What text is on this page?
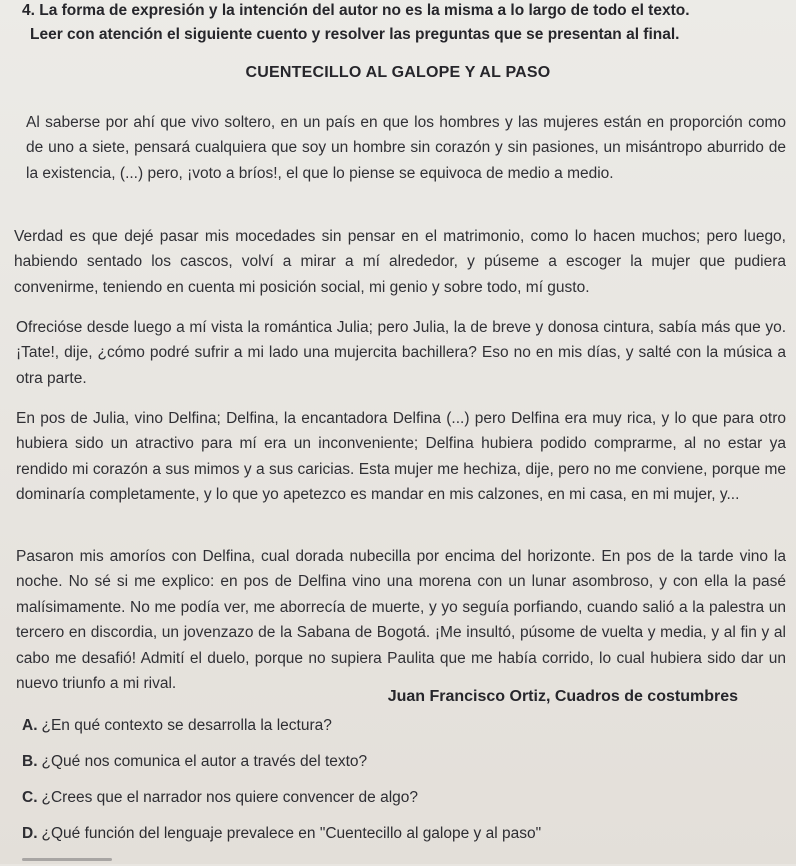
4. La forma de expresión y la intención del autor no es la misma a lo largo de todo el texto.
Leer con atención el siguiente cuento y resolver las preguntas que se presentan al final.
CUENTECILLO AL GALOPE Y AL PASO

Al saberse por ahí que vivo soltero, en un país en que los hombres y las mujeres están en proporción como de uno a siete, pensará cualquiera que soy un hombre sin corazón y sin pasiones, un misántropo aburrido de la existencia, (...) pero, ¡voto a bríos!, el que lo piense se equivoca de medio a medio.

Verdad es que dejé pasar mis mocedades sin pensar en el matrimonio, como lo hacen muchos; pero luego, habiendo sentado los cascos, volví a mirar a mí alrededor, y púseme a escoger la mujer que pudiera convenirme, teniendo en cuenta mi posición social, mi genio y sobre todo, mí gusto.

Ofrecióse desde luego a mí vista la romántica Julia; pero Julia, la de breve y donosa cintura, sabía más que yo. ¡Tate!, dije, ¿cómo podré sufrir a mi lado una mujercita bachillera? Eso no en mis días, y salté con la música a otra parte.

En pos de Julia, vino Delfina; Delfina, la encantadora Delfina (...) pero Delfina era muy rica, y lo que para otro hubiera sido un atractivo para mí era un inconveniente; Delfina hubiera podido comprarme, al no estar ya rendido mi corazón a sus mimos y a sus caricias. Esta mujer me hechiza, dije, pero no me conviene, porque me dominaría completamente, y lo que yo apetezco es mandar en mis calzones, en mi casa, en mi mujer, y...

Pasaron mis amoríos con Delfina, cual dorada nubecilla por encima del horizonte. En pos de la tarde vino la noche. No sé si me explico: en pos de Delfina vino una morena con un lunar asombroso, y con ella la pasé malísimamente. No me podía ver, me aborrecía de muerte, y yo seguía porfiando, cuando salió a la palestra un tercero en discordia, un jovenzazo de la Sabana de Bogotá. ¡Me insultó, púsome de vuelta y media, y al fin y al cabo me desafió! Admití el duelo, porque no supiera Paulita que me había corrido, lo cual hubiera sido dar un nuevo triunfo a mi rival.

Juan Francisco Ortiz, Cuadros de costumbres
A. ¿En qué contexto se desarrolla la lectura?
B. ¿Qué nos comunica el autor a través del texto?
C. ¿Crees que el narrador nos quiere convencer de algo?
D. ¿Qué función del lenguaje prevalece en "Cuentecillo al galope y al paso"
